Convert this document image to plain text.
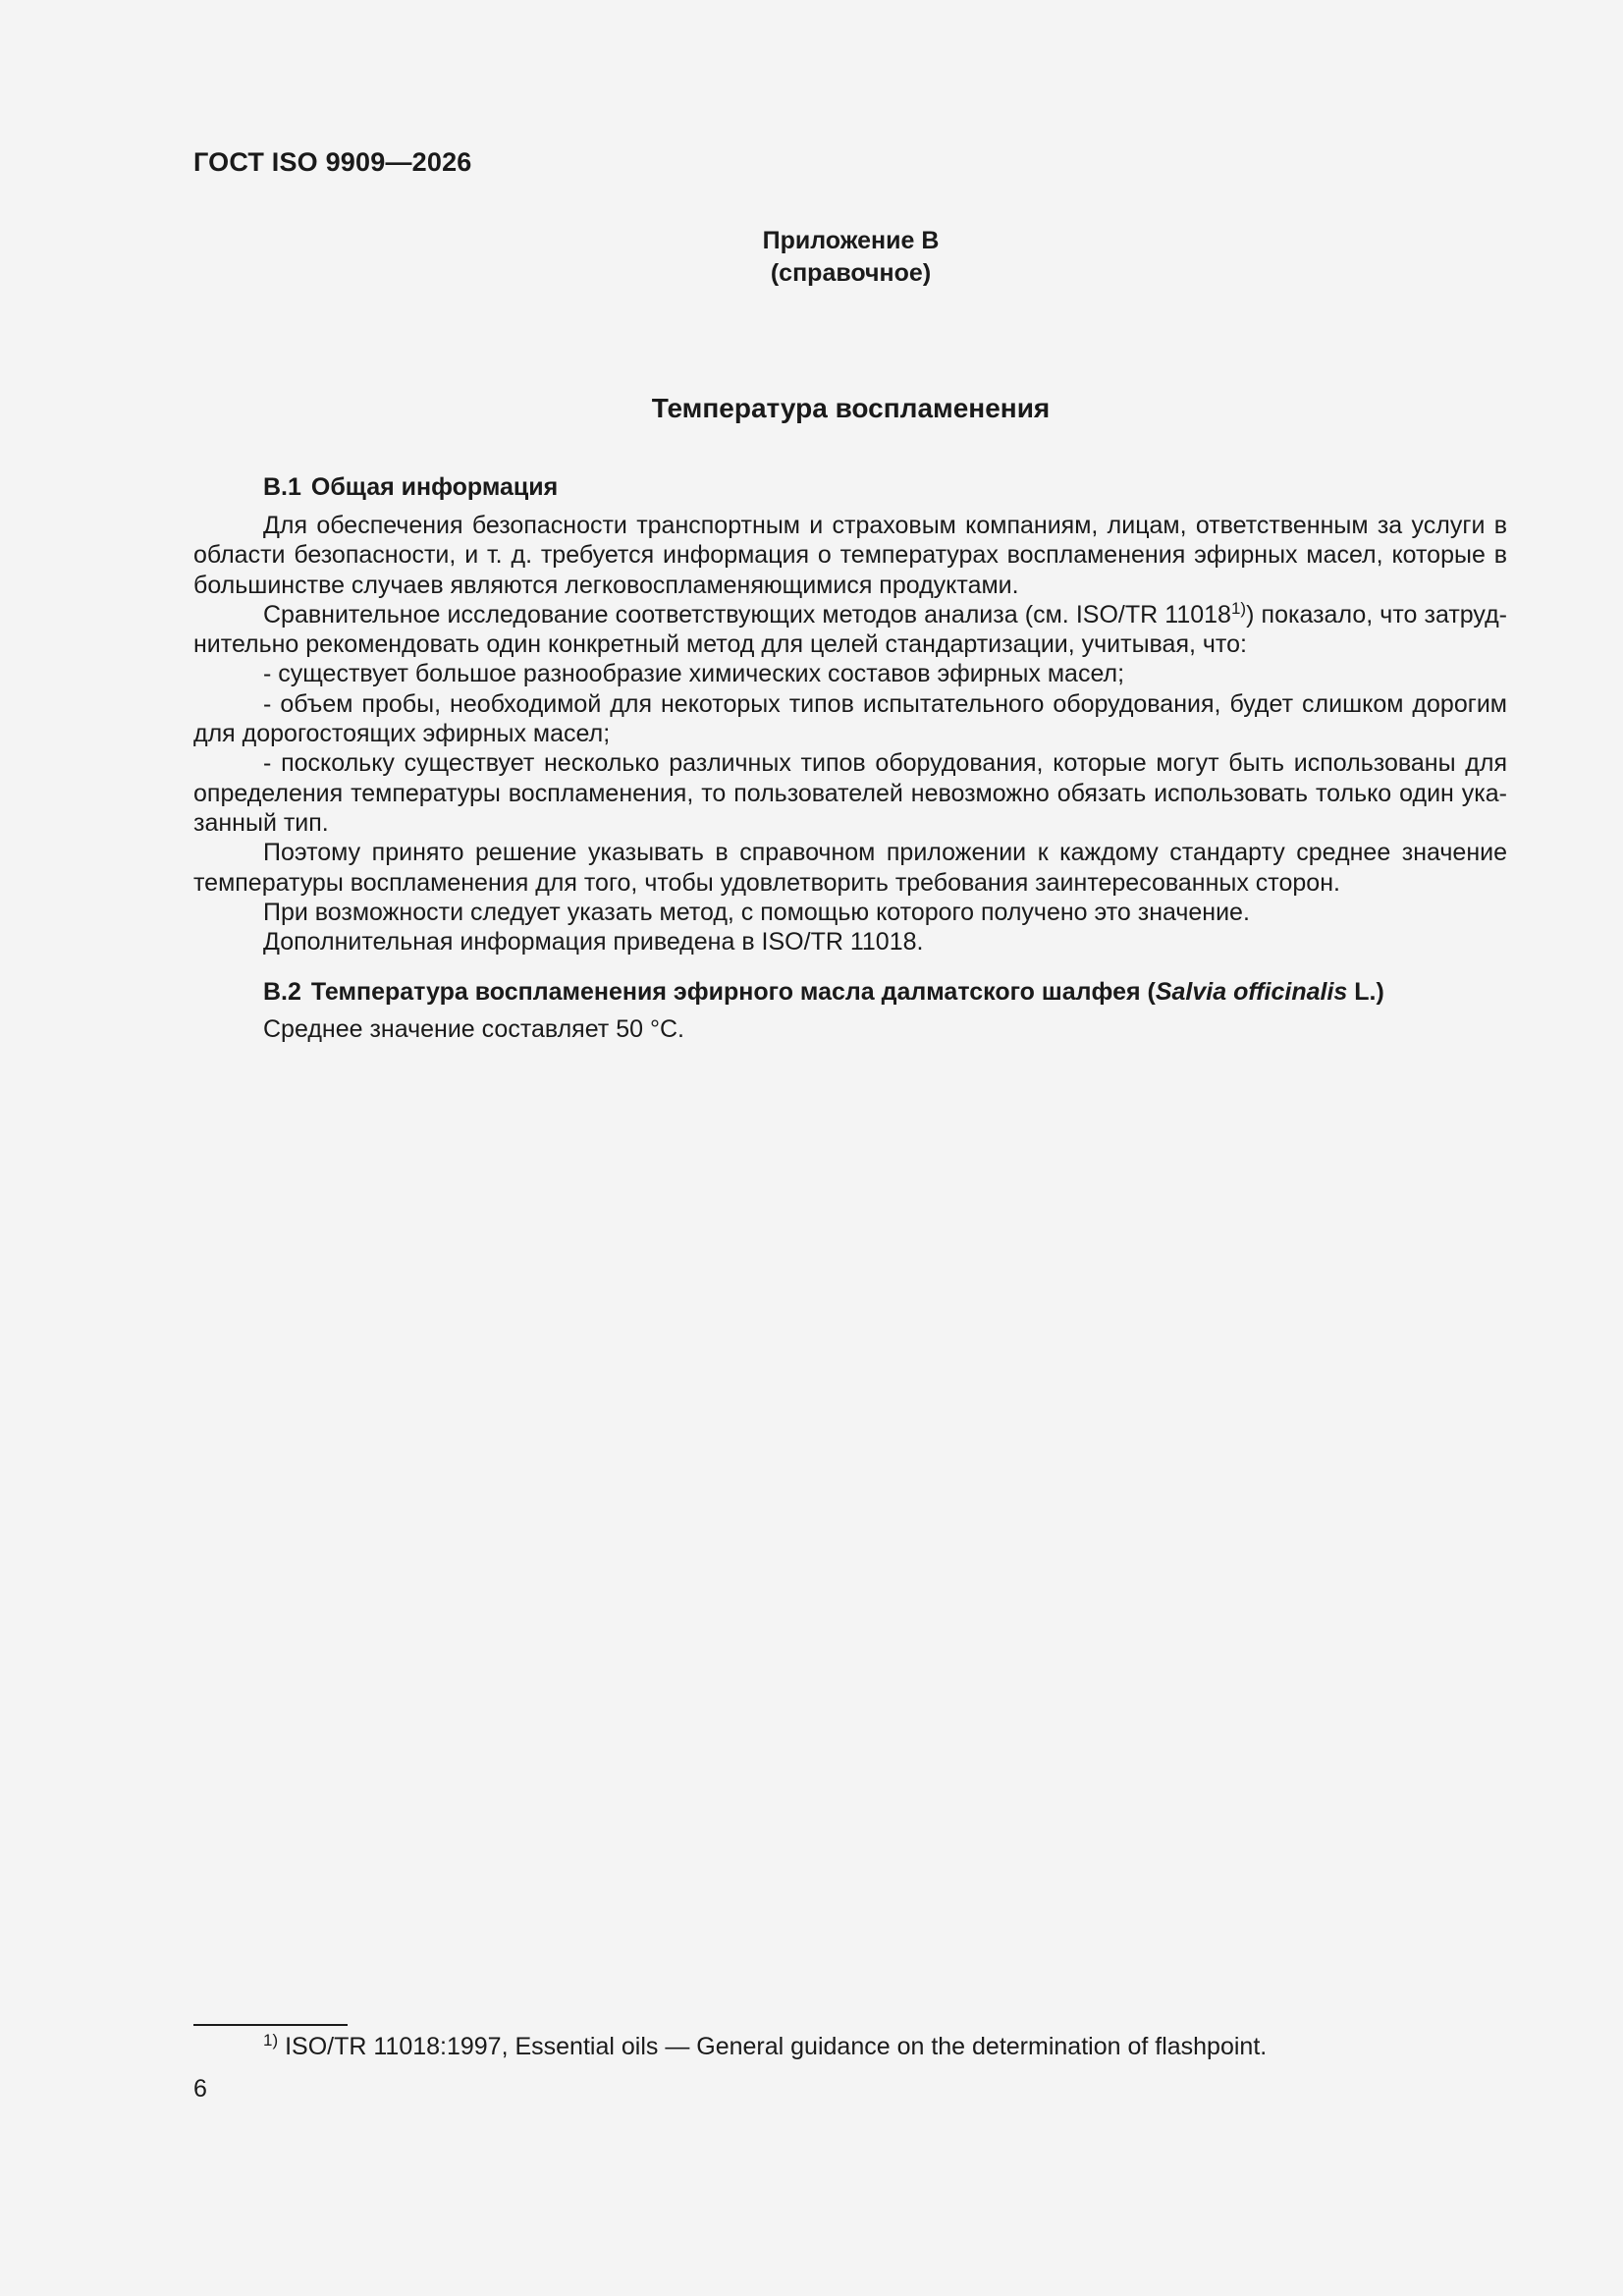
ГОСТ ISO 9909—2026
Приложение В
(справочное)
Температура воспламенения
В.1 Общая информация

Для обеспечения безопасности транспортным и страховым компаниям, лицам, ответственным за услуги в области безопасности, и т. д. требуется информация о температурах воспламенения эфирных масел, которые в большинстве случаев являются легковоспламеняющимися продуктами.

Сравнительное исследование соответствующих методов анализа (см. ISO/TR 11018$^{1)}$) показало, что затруднительно рекомендовать один конкретный метод для целей стандартизации, учитывая, что:

- существует большое разнообразие химических составов эфирных масел;

- объем пробы, необходимой для некоторых типов испытательного оборудования, будет слишком дорогим для дорогостоящих эфирных масел;

- поскольку существует несколько различных типов оборудования, которые могут быть использованы для определения температуры воспламенения, то пользователей невозможно обязать использовать только один указанный тип.

Поэтому принято решение указывать в справочном приложении к каждому стандарту среднее значение температуры воспламенения для того, чтобы удовлетворить требования заинтересованных сторон.

При возможности следует указать метод, с помощью которого получено это значение.

Дополнительная информация приведена в ISO/TR 11018.

В.2 Температура воспламенения эфирного масла далматского шалфея (Salvia officinalis L.)

Среднее значение составляет 50 °С.

$^{1)}$ ISO/TR 11018:1997, Essential oils — General guidance on the determination of flashpoint.
6
